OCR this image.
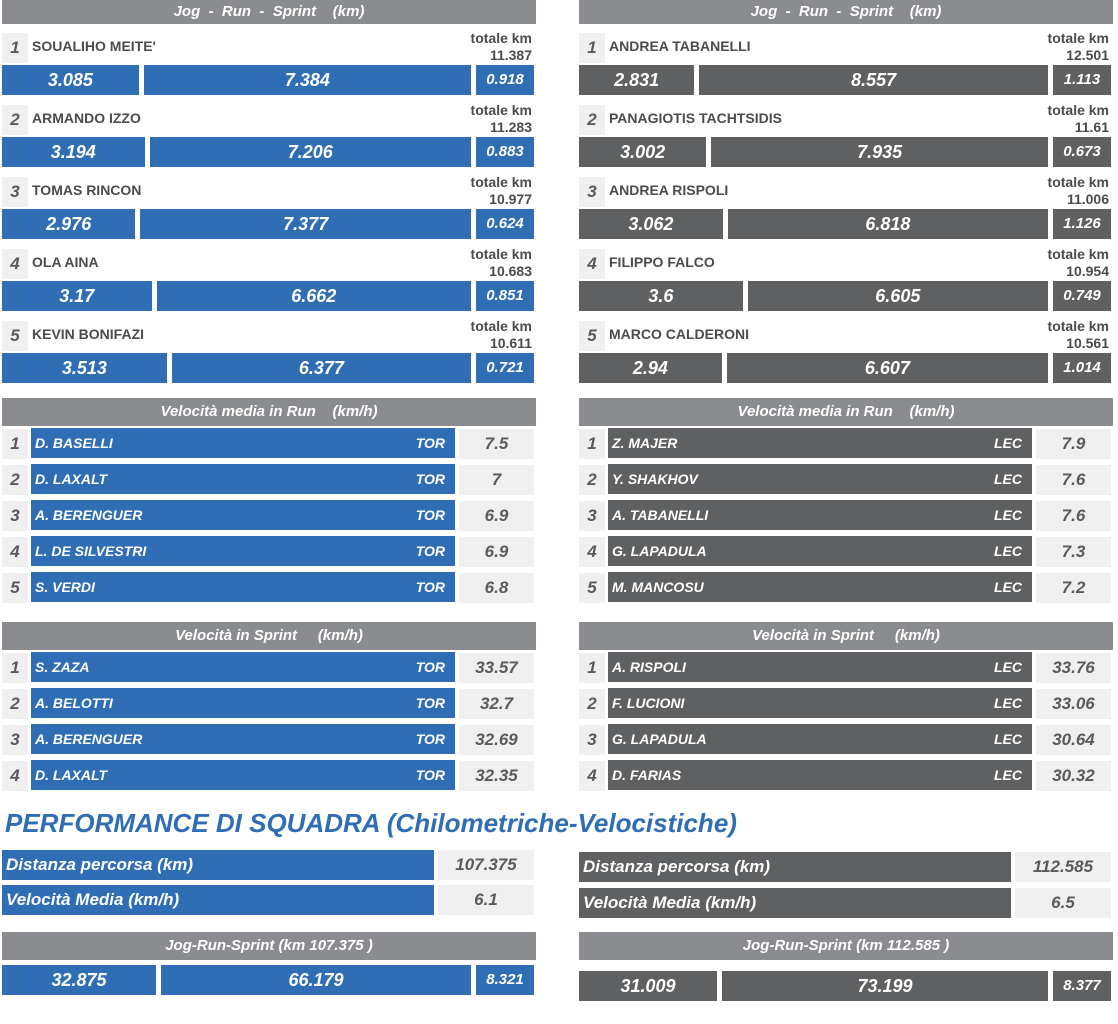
Jog  -  Run  -  Sprint    (km)
1 SOUALIHO MEITE'	totale km
11.387
3.085	7.384	0.918
2 ARMANDO IZZO	totale km
11.283
3.194	7.206	0.883
3 TOMAS RINCON	totale km
10.977
2.976	7.377	0.624
4 OLA AINA	totale km
10.683
3.17	6.662	0.851
5 KEVIN BONIFAZI	totale km
10.611
3.513	6.377	0.721
Velocità media in Run    (km/h)
1	D. BASELLI	TOR	7.5
2	D. LAXALT	TOR	7
3	A. BERENGUER	TOR	6.9
4	L. DE SILVESTRI	TOR	6.9
5	S. VERDI	TOR	6.8
Velocità in Sprint     (km/h)
1	S. ZAZA	TOR	33.57
2	A. BELOTTI	TOR	32.7
3	A. BERENGUER	TOR	32.69
4	D. LAXALT	TOR	32.35
Distanza percorsa (km)	107.375
Velocità Media (km/h)	6.1
Jog-Run-Sprint (km 107.375 )
32.875	66.179	8.321
Jog  -  Run  -  Sprint    (km)
1 ANDREA TABANELLI	totale km
12.501
2.831	8.557	1.113
2 PANAGIOTIS TACHTSIDIS	totale km
11.61
3.002	7.935	0.673
3 ANDREA RISPOLI	totale km
11.006
3.062	6.818	1.126
4 FILIPPO FALCO	totale km
10.954
3.6	6.605	0.749
5 MARCO CALDERONI	totale km
10.561
2.94	6.607	1.014
Velocità media in Run    (km/h)
1	Z. MAJER	LEC	7.9
2	Y. SHAKHOV	LEC	7.6
3	A. TABANELLI	LEC	7.6
4	G. LAPADULA	LEC	7.3
5	M. MANCOSU	LEC	7.2
Velocità in Sprint     (km/h)
1	A. RISPOLI	LEC	33.76
2	F. LUCIONI	LEC	33.06
3	G. LAPADULA	LEC	30.64
4	D. FARIAS	LEC	30.32
Distanza percorsa (km)	112.585
Velocità Media (km/h)	6.5
Jog-Run-Sprint (km 112.585 )
31.009	73.199	8.377
PERFORMANCE DI SQUADRA (Chilometriche-Velocistiche)
